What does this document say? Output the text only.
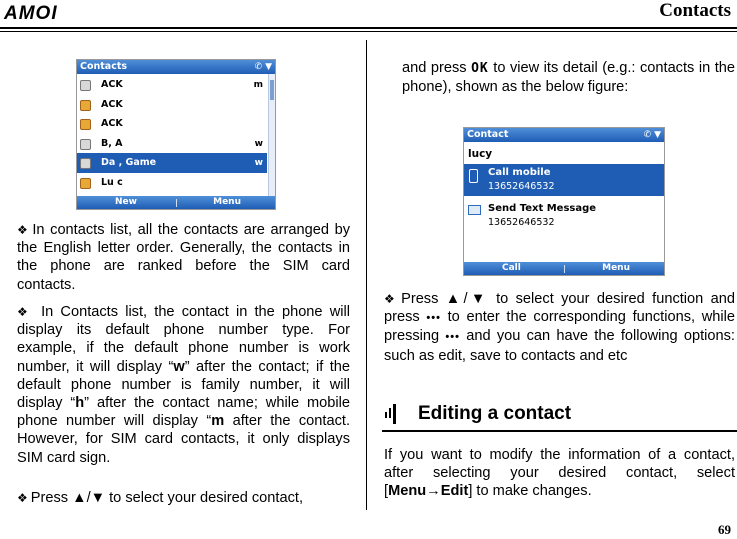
AMOI	Contacts
Contacts	✆ ▼
ACK	m
ACK
ACK
B, A	w
Da , Game	w
Lu c
New	Menu
Contact	✆ ▼
lucy
Call mobile
13652646532
Send Text Message
13652646532
Call	Menu
❖ In contacts list, all the contacts are arranged by the English letter order. Generally, the contacts in the phone are ranked before the SIM card contacts.
❖ In Contacts list, the contact in the phone will display its default phone number type. For example, if the default phone number is work number, it will display “w” after the contact; if the default phone number is family number, it will display “h” after the contact name; while mobile phone number will display “m after the contact. However, for SIM card contacts, it only displays SIM card sign.
❖ Press ▲/▼ to select your desired contact,
and press OK to view its detail (e.g.: contacts in the phone), shown as the below figure:
❖ Press ▲/▼ to select your desired function and press ••• to enter the corresponding functions, while pressing ••• and you can have the following options: such as edit, save to contacts and etc
Editing a contact
If you want to modify the information of a contact, after selecting your desired contact, select [Menu→Edit] to make changes.
69
